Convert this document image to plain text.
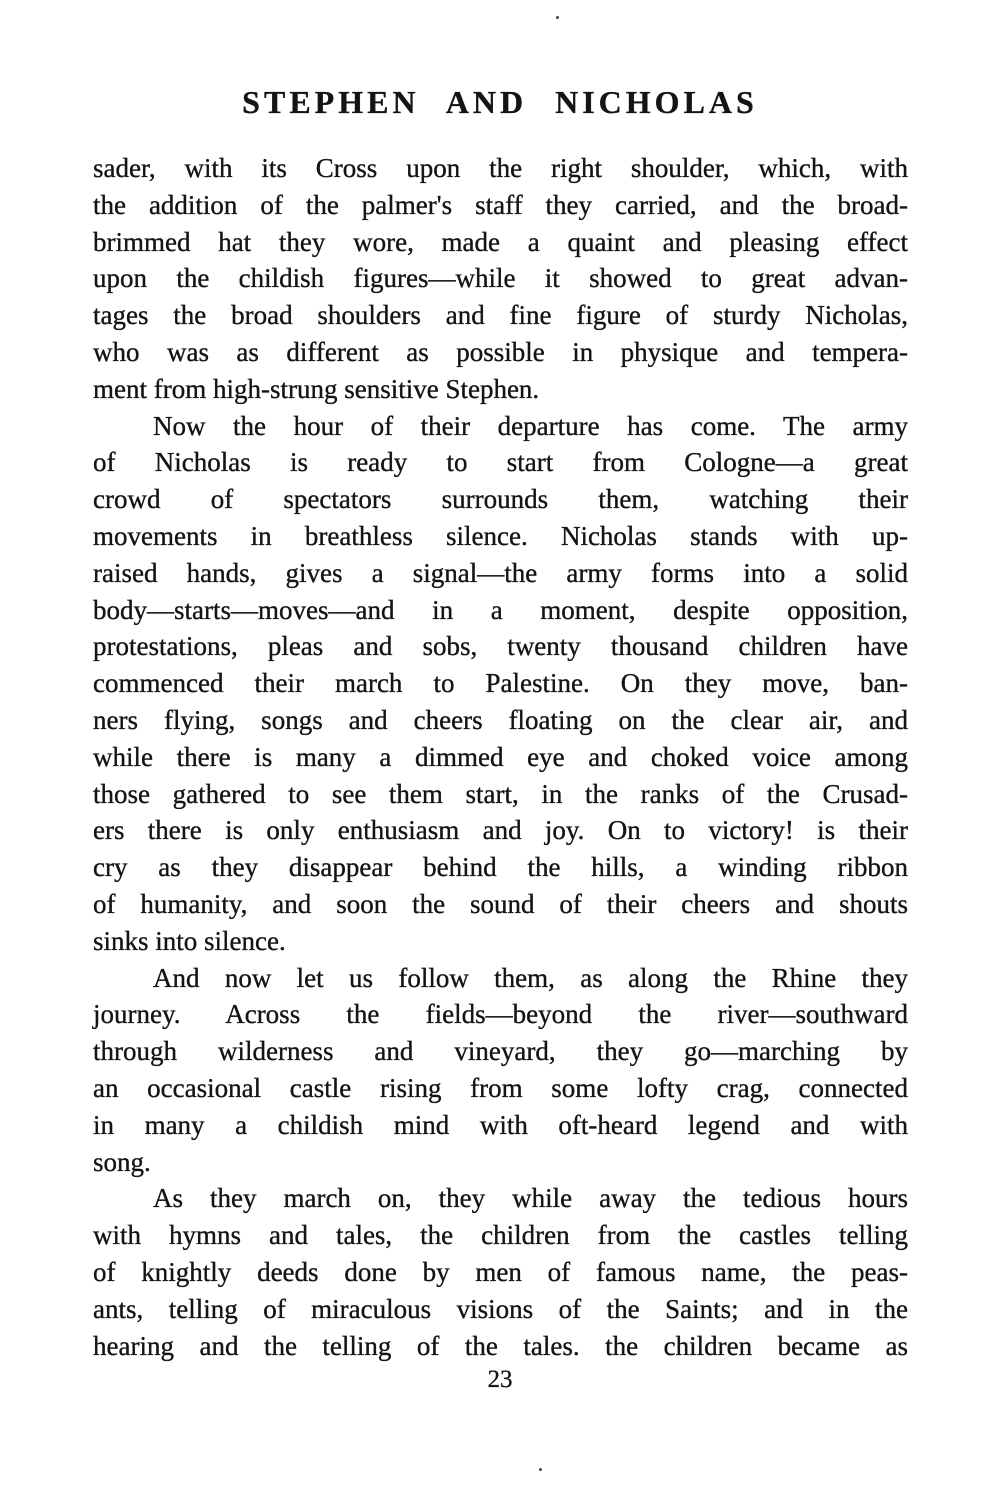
STEPHEN AND NICHOLAS
sader, with its Cross upon the right shoulder, which, with
the addition of the palmer's staff they carried, and the broad-
brimmed hat they wore, made a quaint and pleasing effect
upon the childish figures—while it showed to great advan-
tages the broad shoulders and fine figure of sturdy Nicholas,
who was as different as possible in physique and tempera-
ment from high-strung sensitive Stephen.
Now the hour of their departure has come. The army
of Nicholas is ready to start from Cologne—a great
crowd of spectators surrounds them, watching their
movements in breathless silence. Nicholas stands with up-
raised hands, gives a signal—the army forms into a solid
body—starts—moves—and in a moment, despite opposition,
protestations, pleas and sobs, twenty thousand children have
commenced their march to Palestine. On they move, ban-
ners flying, songs and cheers floating on the clear air, and
while there is many a dimmed eye and choked voice among
those gathered to see them start, in the ranks of the Crusad-
ers there is only enthusiasm and joy. On to victory! is their
cry as they disappear behind the hills, a winding ribbon
of humanity, and soon the sound of their cheers and shouts
sinks into silence.
And now let us follow them, as along the Rhine they
journey. Across the fields—beyond the river—southward
through wilderness and vineyard, they go—marching by
an occasional castle rising from some lofty crag, connected
in many a childish mind with oft-heard legend and with
song.
As they march on, they while away the tedious hours
with hymns and tales, the children from the castles telling
of knightly deeds done by men of famous name, the peas-
ants, telling of miraculous visions of the Saints; and in the
hearing and the telling of the tales. the children became as
23
